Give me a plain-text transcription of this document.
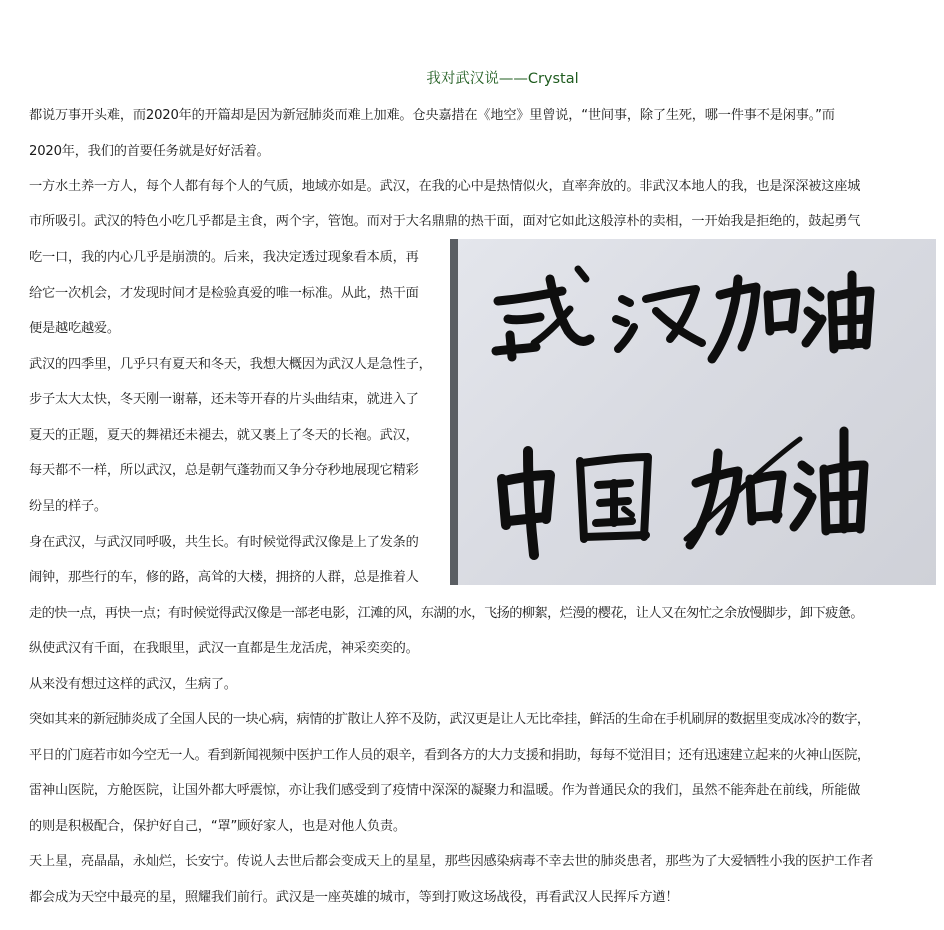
我对武汉说——Crystal
都说万事开头难，而2020年的开篇却是因为新冠肺炎而难上加难。仓央嘉措在《地空》里曾说，“世间事，除了生死，哪一件事不是闲事。”而
2020年，我们的首要任务就是好好活着。
一方水土养一方人，每个人都有每个人的气质，地域亦如是。武汉，在我的心中是热情似火，直率奔放的。非武汉本地人的我，也是深深被这座城
市所吸引。武汉的特色小吃几乎都是主食，两个字，管饱。而对于大名鼎鼎的热干面，面对它如此这般淳朴的卖相，一开始我是拒绝的，鼓起勇气
吃一口，我的内心几乎是崩溃的。后来，我决定透过现象看本质，再
给它一次机会，才发现时间才是检验真爱的唯一标准。从此，热干面
便是越吃越爱。
武汉的四季里，几乎只有夏天和冬天，我想大概因为武汉人是急性子，
步子太大太快，冬天刚一谢幕，还未等开春的片头曲结束，就进入了
夏天的正题，夏天的舞裙还未褪去，就又裹上了冬天的长袍。武汉，
每天都不一样，所以武汉，总是朝气蓬勃而又争分夺秒地展现它精彩
纷呈的样子。
身在武汉，与武汉同呼吸，共生长。有时候觉得武汉像是上了发条的
闹钟，那些行的车，修的路，高耸的大楼，拥挤的人群，总是推着人
走的快一点，再快一点；有时候觉得武汉像是一部老电影，江滩的风，东湖的水，飞扬的柳絮，烂漫的樱花，让人又在匆忙之余放慢脚步，卸下疲惫。
纵使武汉有千面，在我眼里，武汉一直都是生龙活虎，神采奕奕的。
从来没有想过这样的武汉，生病了。
突如其来的新冠肺炎成了全国人民的一块心病，病情的扩散让人猝不及防，武汉更是让人无比牵挂，鲜活的生命在手机刷屏的数据里变成冰冷的数字，
平日的门庭若市如今空无一人。看到新闻视频中医护工作人员的艰辛，看到各方的大力支援和捐助，每每不觉泪目；还有迅速建立起来的火神山医院，
雷神山医院，方舱医院，让国外都大呼震惊，亦让我们感受到了疫情中深深的凝聚力和温暖。作为普通民众的我们，虽然不能奔赴在前线，所能做
的则是积极配合，保护好自己，“罩”顾好家人，也是对他人负责。
天上星，亮晶晶，永灿烂，长安宁。传说人去世后都会变成天上的星星，那些因感染病毒不幸去世的肺炎患者，那些为了大爱牺牲小我的医护工作者
都会成为天空中最亮的星，照耀我们前行。武汉是一座英雄的城市，等到打败这场战役，再看武汉人民挥斥方遒！
